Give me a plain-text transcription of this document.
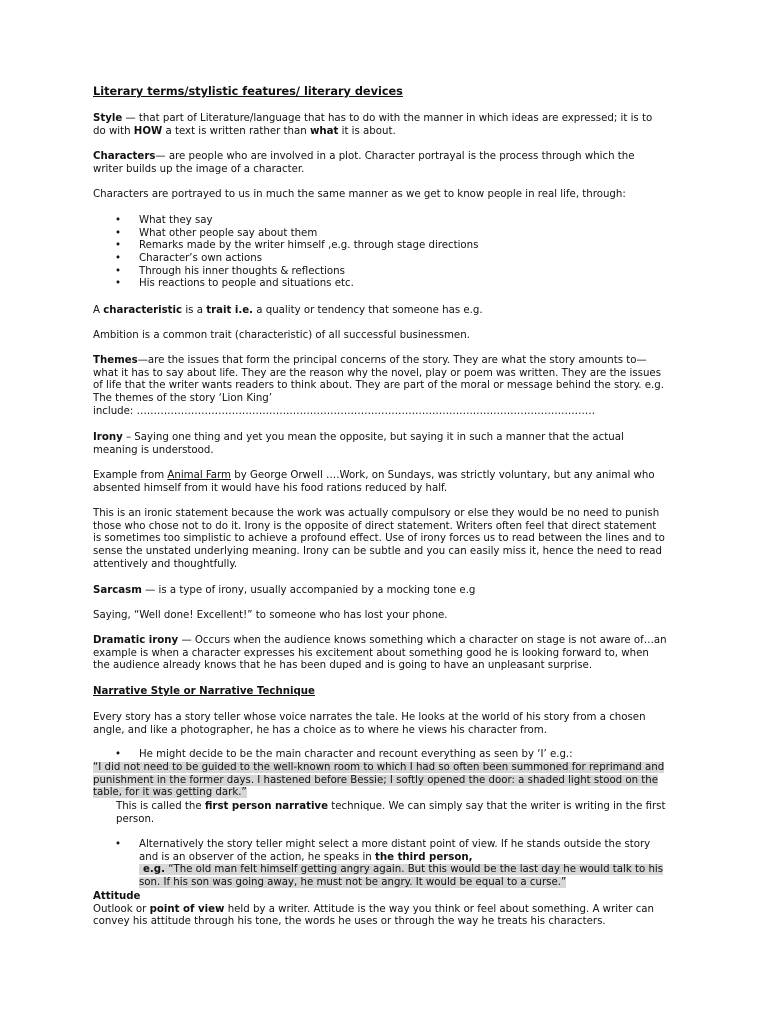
Literary terms/stylistic features/ literary devices

Style — that part of Literature/language that has to do with the manner in which ideas are expressed; it is to
do with HOW a text is written rather than what it is about.
Characters— are people who are involved in a plot. Character portrayal is the process through which the
writer builds up the image of a character.

Characters are portrayed to us in much the same manner as we get to know people in real life, through:

• What they say
• What other people say about them
• Remarks made by the writer himself ,e.g. through stage directions
• Character’s own actions
• Through his inner thoughts & reflections
• His reactions to people and situations etc.
A characteristic is a trait i.e. a quality or tendency that someone has e.g.

Ambition is a common trait (characteristic) of all successful businessmen.

Themes—are the issues that form the principal concerns of the story. They are what the story amounts to—
what it has to say about life. They are the reason why the novel, play or poem was written. They are the issues
of life that the writer wants readers to think about. They are part of the moral or message behind the story. e.g.
The themes of the story ‘Lion King’
include: ………………………………………………………………………………………………………………………
Irony – Saying one thing and yet you mean the opposite, but saying it in such a manner that the actual
meaning is understood.
Example from Animal Farm by George Orwell ….Work, on Sundays, was strictly voluntary, but any animal who
absented himself from it would have his food rations reduced by half.
This is an ironic statement because the work was actually compulsory or else they would be no need to punish
those who chose not to do it. Irony is the opposite of direct statement. Writers often feel that direct statement
is sometimes too simplistic to achieve a profound effect. Use of irony forces us to read between the lines and to
sense the unstated underlying meaning. Irony can be subtle and you can easily miss it, hence the need to read
attentively and thoughtfully.
Sarcasm — is a type of irony, usually accompanied by a mocking tone e.g

Saying, “Well done! Excellent!” to someone who has lost your phone.

Dramatic irony — Occurs when the audience knows something which a character on stage is not aware of…an
example is when a character expresses his excitement about something good he is looking forward to, when
the audience already knows that he has been duped and is going to have an unpleasant surprise.

Narrative Style or Narrative Technique

Every story has a story teller whose voice narrates the tale. He looks at the world of his story from a chosen
angle, and like a photographer, he has a choice as to where he views his character from.
• He might decide to be the main character and recount everything as seen by ‘I’ e.g.:
“I did not need to be guided to the well-known room to which I had so often been summoned for reprimand and
punishment in the former days. I hastened before Bessie; I softly opened the door: a shaded light stood on the
table, for it was getting dark.”
This is called the first person narrative technique. We can simply say that the writer is writing in the first
person.
• Alternatively the story teller might select a more distant point of view. If he stands outside the story
and is an observer of the action, he speaks in the third person,
e.g. “The old man felt himself getting angry again. But this would be the last day he would talk to his
son. If his son was going away, he must not be angry. It would be equal to a curse.”
Attitude
Outlook or point of view held by a writer. Attitude is the way you think or feel about something. A writer can
convey his attitude through his tone, the words he uses or through the way he treats his characters.
